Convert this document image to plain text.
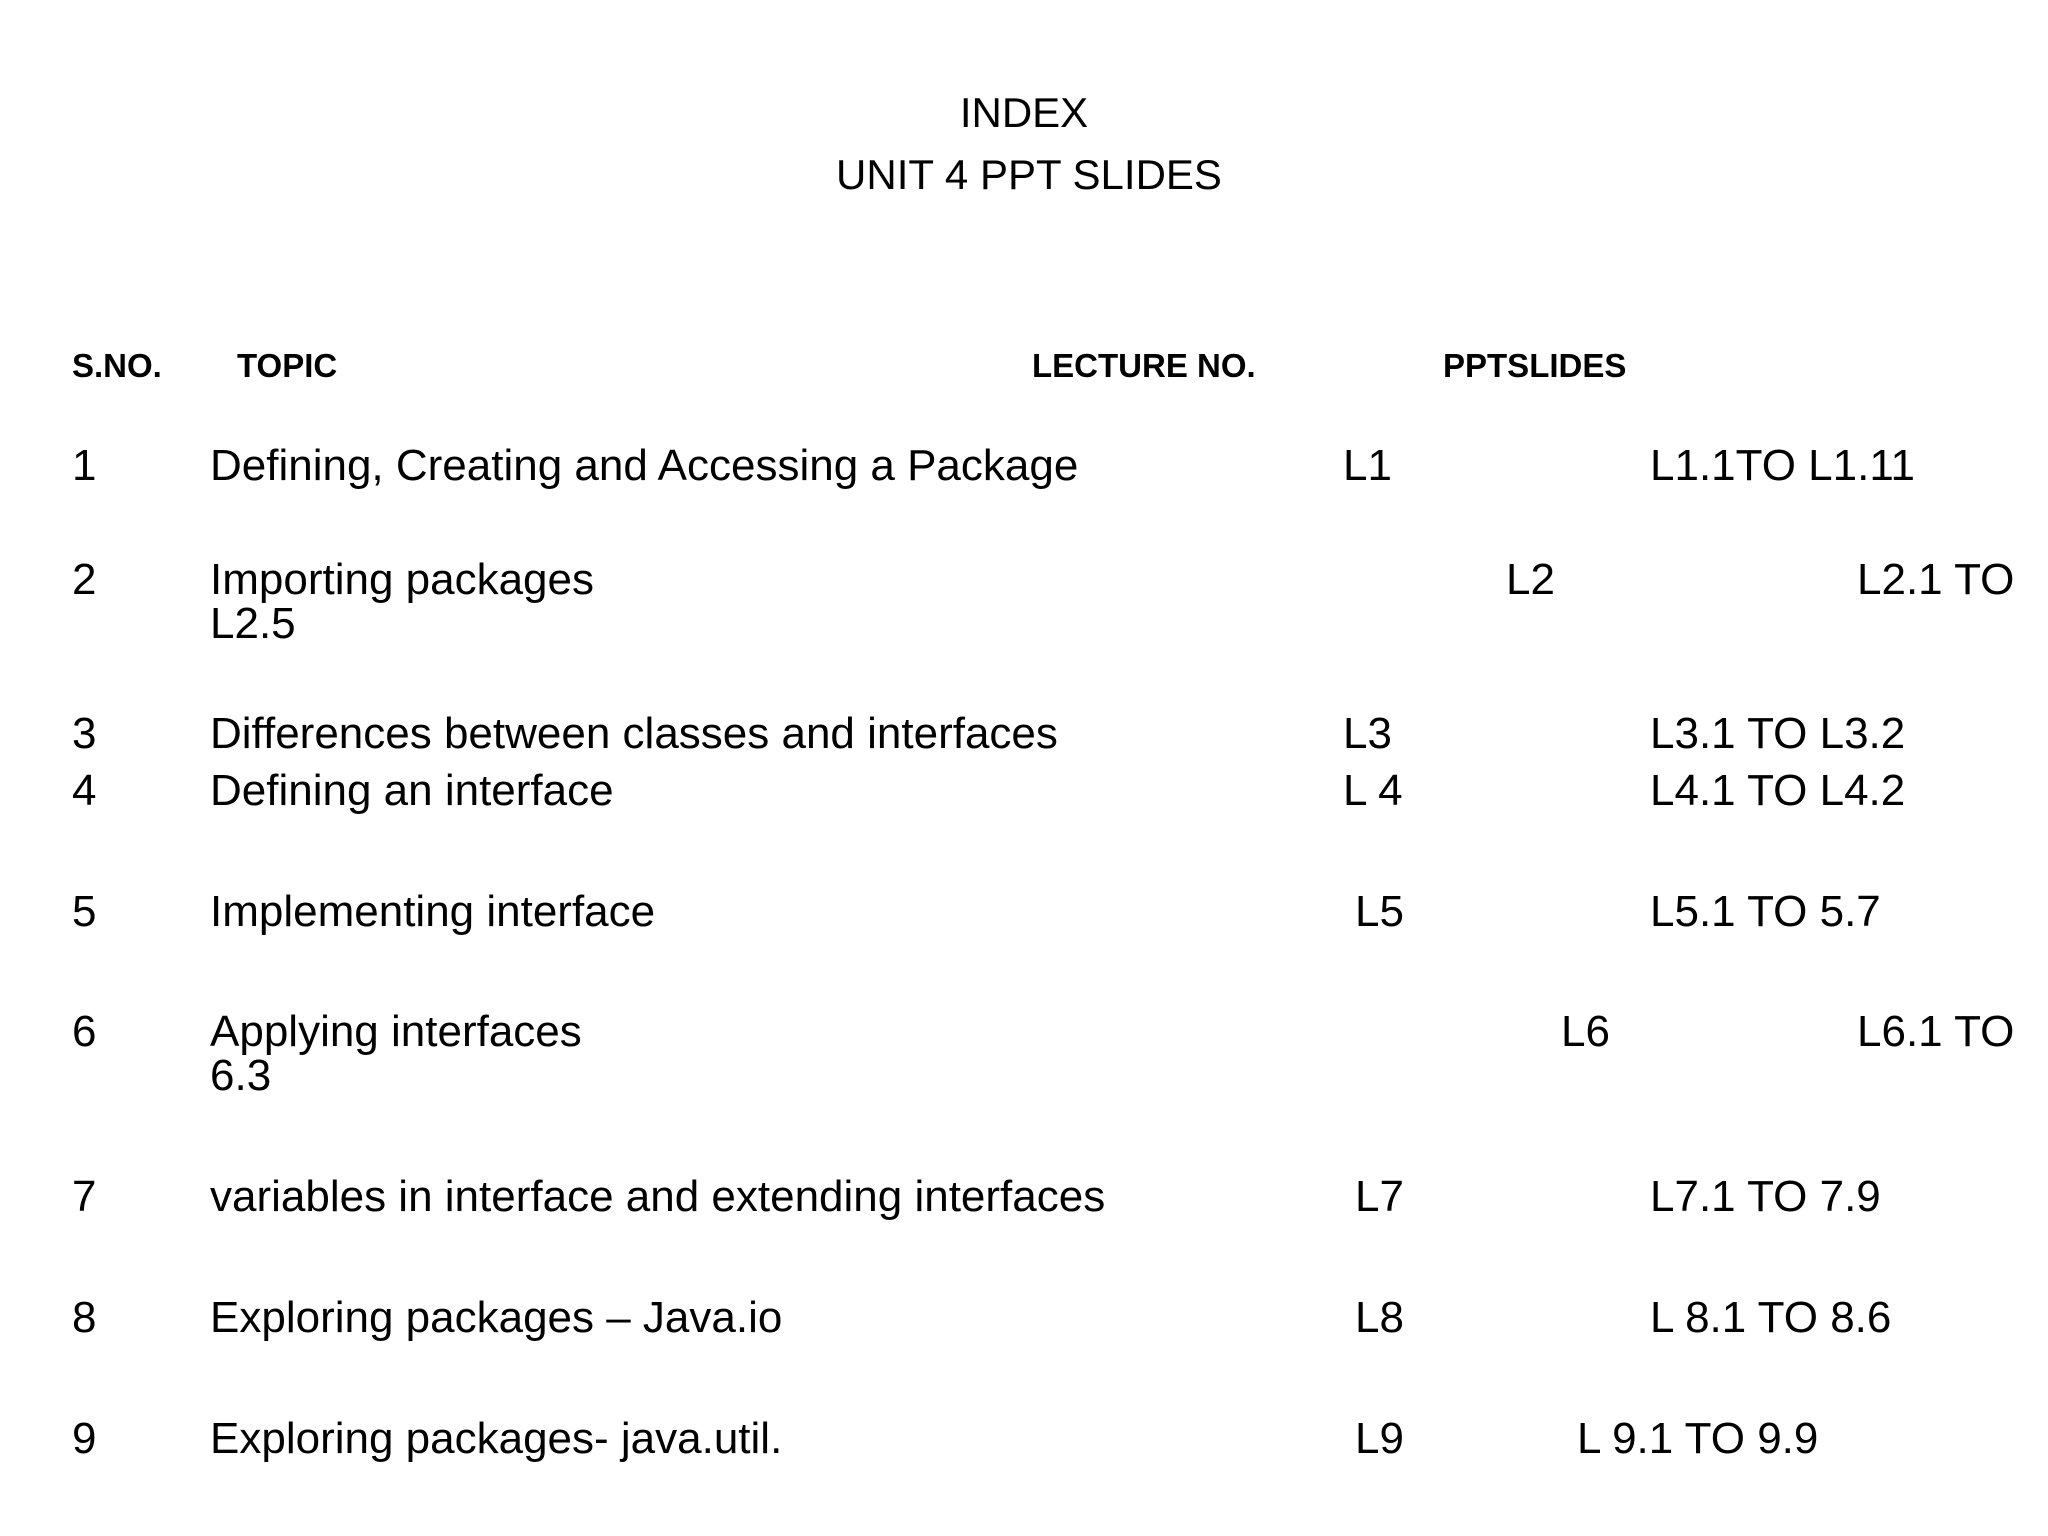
INDEX
UNIT 4 PPT SLIDES
S.NO. TOPIC	LECTURE NO.	PPTSLIDES
1	Defining, Creating and Accessing a Package	L1	L1.1TO L1.11
2	Importing packages	L2	L2.1 TO
L2.5
3	Differences between classes and interfaces	L3	L3.1 TO L3.2
4	Defining an interface	L 4	L4.1 TO L4.2
5	Implementing interface	L5	L5.1 TO 5.7
6	Applying interfaces	L6	L6.1 TO
6.3
7	variables in interface and extending interfaces	L7	L7.1 TO 7.9
8	Exploring packages – Java.io	L8	L 8.1 TO 8.6
9	Exploring packages- java.util.	L9	L 9.1 TO 9.9
